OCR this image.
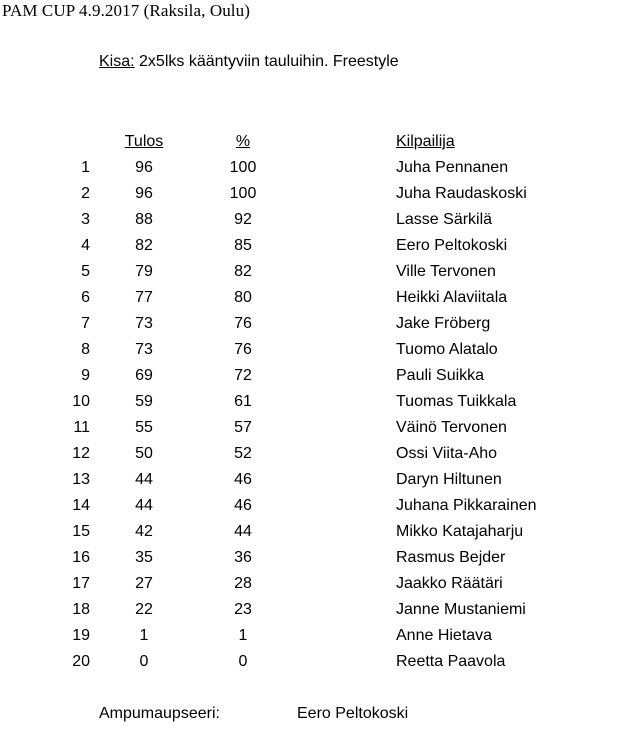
PAM CUP 4.9.2017 (Raksila, Oulu)
Kisa: 2x5lks kääntyviin tauluihin. Freestyle
Tulos	%	Kilpailija
1	96	100	Juha Pennanen
2	96	100	Juha Raudaskoski
3	88	92	Lasse Särkilä
4	82	85	Eero Peltokoski
5	79	82	Ville Tervonen
6	77	80	Heikki Alaviitala
7	73	76	Jake Fröberg
8	73	76	Tuomo Alatalo
9	69	72	Pauli Suikka
10	59	61	Tuomas Tuikkala
11	55	57	Väinö Tervonen
12	50	52	Ossi Viita-Aho
13	44	46	Daryn Hiltunen
14	44	46	Juhana Pikkarainen
15	42	44	Mikko Katajaharju
16	35	36	Rasmus Bejder
17	27	28	Jaakko Räätäri
18	22	23	Janne Mustaniemi
19	1	1	Anne Hietava
20	0	0	Reetta Paavola
Ampumaupseeri:	Eero Peltokoski
